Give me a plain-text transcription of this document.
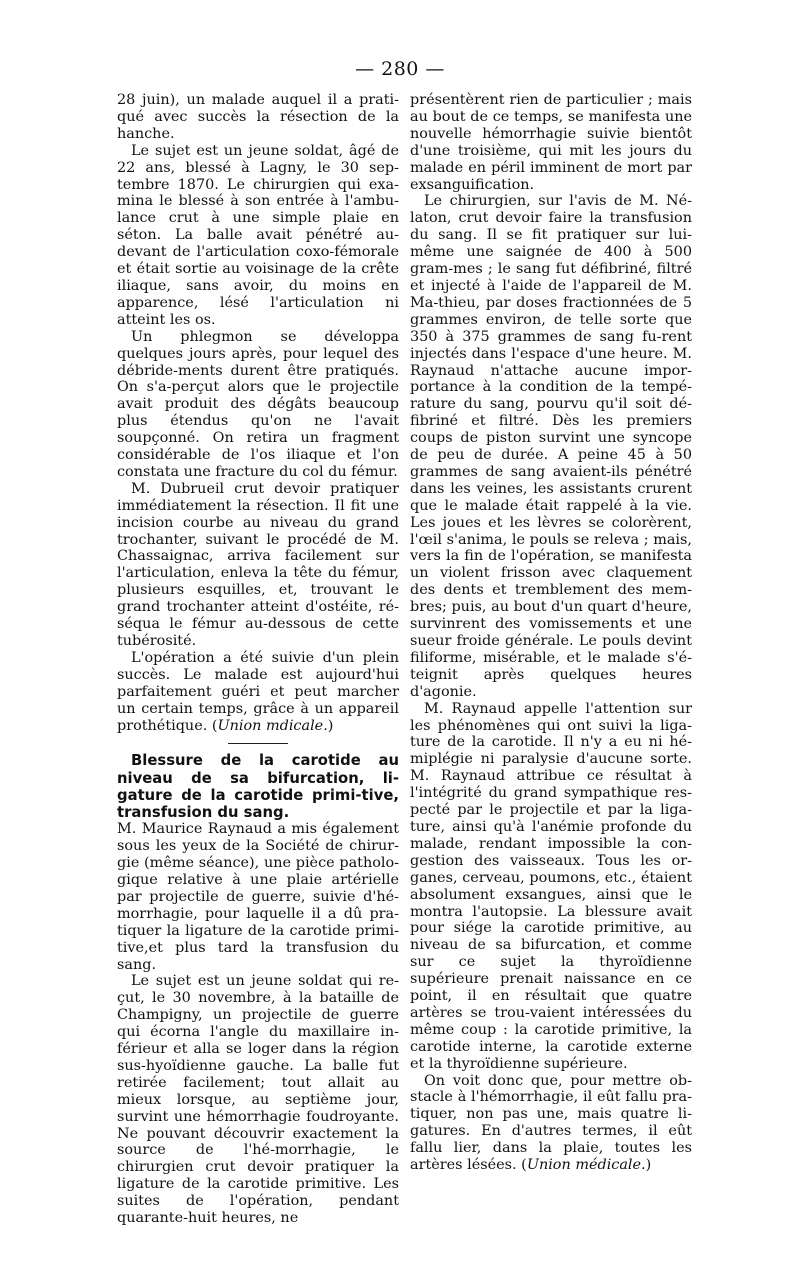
— 280 —

28 juin), un malade auquel il a prati-qué avec succès la résection de la hanche.

Le sujet est un jeune soldat, âgé de 22 ans, blessé à Lagny, le 30 sep-tembre 1870. Le chirurgien qui exa-mina le blessé à son entrée à l'ambu-lance crut à une simple plaie en séton. La balle avait pénétré au-devant de l'articulation coxo-fémorale et était sortie au voisinage de la crête iliaque, sans avoir, du moins en apparence, lésé l'articulation ni atteint les os.

Un phlegmon se développa quelques jours après, pour lequel des débride-ments durent être pratiqués. On s'a-perçut alors que le projectile avait produit des dégâts beaucoup plus étendus qu'on ne l'avait soupçonné. On retira un fragment considérable de l'os iliaque et l'on constata une fracture du col du fémur.

M. Dubrueil crut devoir pratiquer immédiatement la résection. Il fit une incision courbe au niveau du grand trochanter, suivant le procédé de M. Chassaignac, arriva facilement sur l'articulation, enleva la tête du fémur, plusieurs esquilles, et, trouvant le grand trochanter atteint d'ostéite, ré-séqua le fémur au-dessous de cette tubérosité.

L'opération a été suivie d'un plein succès. Le malade est aujourd'hui parfaitement guéri et peut marcher un certain temps, grâce à un appareil prothétique. (Union mdicale.)

Blessure de la carotide au niveau de sa bifurcation, li-gature de la carotide primi-tive, transfusion du sang.

M. Maurice Raynaud a mis également sous les yeux de la Société de chirur-gie (même séance), une pièce patholo-gique relative à une plaie artérielle par projectile de guerre, suivie d'hé-morrhagie, pour laquelle il a dû pra-tiquer la ligature de la carotide primi-tive,et plus tard la transfusion du sang.

Le sujet est un jeune soldat qui re-çut, le 30 novembre, à la bataille de Champigny, un projectile de guerre qui écorna l'angle du maxillaire in-férieur et alla se loger dans la région sus-hyoïdienne gauche. La balle fut retirée facilement; tout allait au mieux lorsque, au septième jour, survint une hémorrhagie foudroyante. Ne pouvant découvrir exactement la source de l'hé-morrhagie, le chirurgien crut devoir pratiquer la ligature de la carotide primitive. Les suites de l'opération, pendant quarante-huit heures, ne

présentèrent rien de particulier ; mais au bout de ce temps, se manifesta une nouvelle hémorrhagie suivie bientôt d'une troisième, qui mit les jours du malade en péril imminent de mort par exsanguification.

Le chirurgien, sur l'avis de M. Né-laton, crut devoir faire la transfusion du sang. Il se fit pratiquer sur lui-même une saignée de 400 à 500 gram-mes ; le sang fut défibriné, filtré et injecté à l'aide de l'appareil de M. Ma-thieu, par doses fractionnées de 5 grammes environ, de telle sorte que 350 à 375 grammes de sang fu-rent injectés dans l'espace d'une heure. M. Raynaud n'attache aucune impor-portance à la condition de la tempé-rature du sang, pourvu qu'il soit dé-fibriné et filtré. Dès les premiers coups de piston survint une syncope de peu de durée. A peine 45 à 50 grammes de sang avaient-ils pénétré dans les veines, les assistants crurent que le malade était rappelé à la vie. Les joues et les lèvres se colorèrent, l'œil s'anima, le pouls se releva ; mais, vers la fin de l'opération, se manifesta un violent frisson avec claquement des dents et tremblement des mem-bres; puis, au bout d'un quart d'heure, survinrent des vomissements et une sueur froide générale. Le pouls devint filiforme, misérable, et le malade s'é-teignit après quelques heures d'agonie.

M. Raynaud appelle l'attention sur les phénomènes qui ont suivi la liga-ture de la carotide. Il n'y a eu ni hé-miplégie ni paralysie d'aucune sorte. M. Raynaud attribue ce résultat à l'intégrité du grand sympathique res-pecté par le projectile et par la liga-ture, ainsi qu'à l'anémie profonde du malade, rendant impossible la con-gestion des vaisseaux. Tous les or-ganes, cerveau, poumons, etc., étaient absolument exsangues, ainsi que le montra l'autopsie. La blessure avait pour siége la carotide primitive, au niveau de sa bifurcation, et comme sur ce sujet la thyroïdienne supérieure prenait naissance en ce point, il en résultait que quatre artères se trou-vaient intéressées du même coup : la carotide primitive, la carotide interne, la carotide externe et la thyroïdienne supérieure.

On voit donc que, pour mettre ob-stacle à l'hémorrhagie, il eût fallu pra-tiquer, non pas une, mais quatre li-gatures. En d'autres termes, il eût fallu lier, dans la plaie, toutes les artères lésées. (Union médicale.)
